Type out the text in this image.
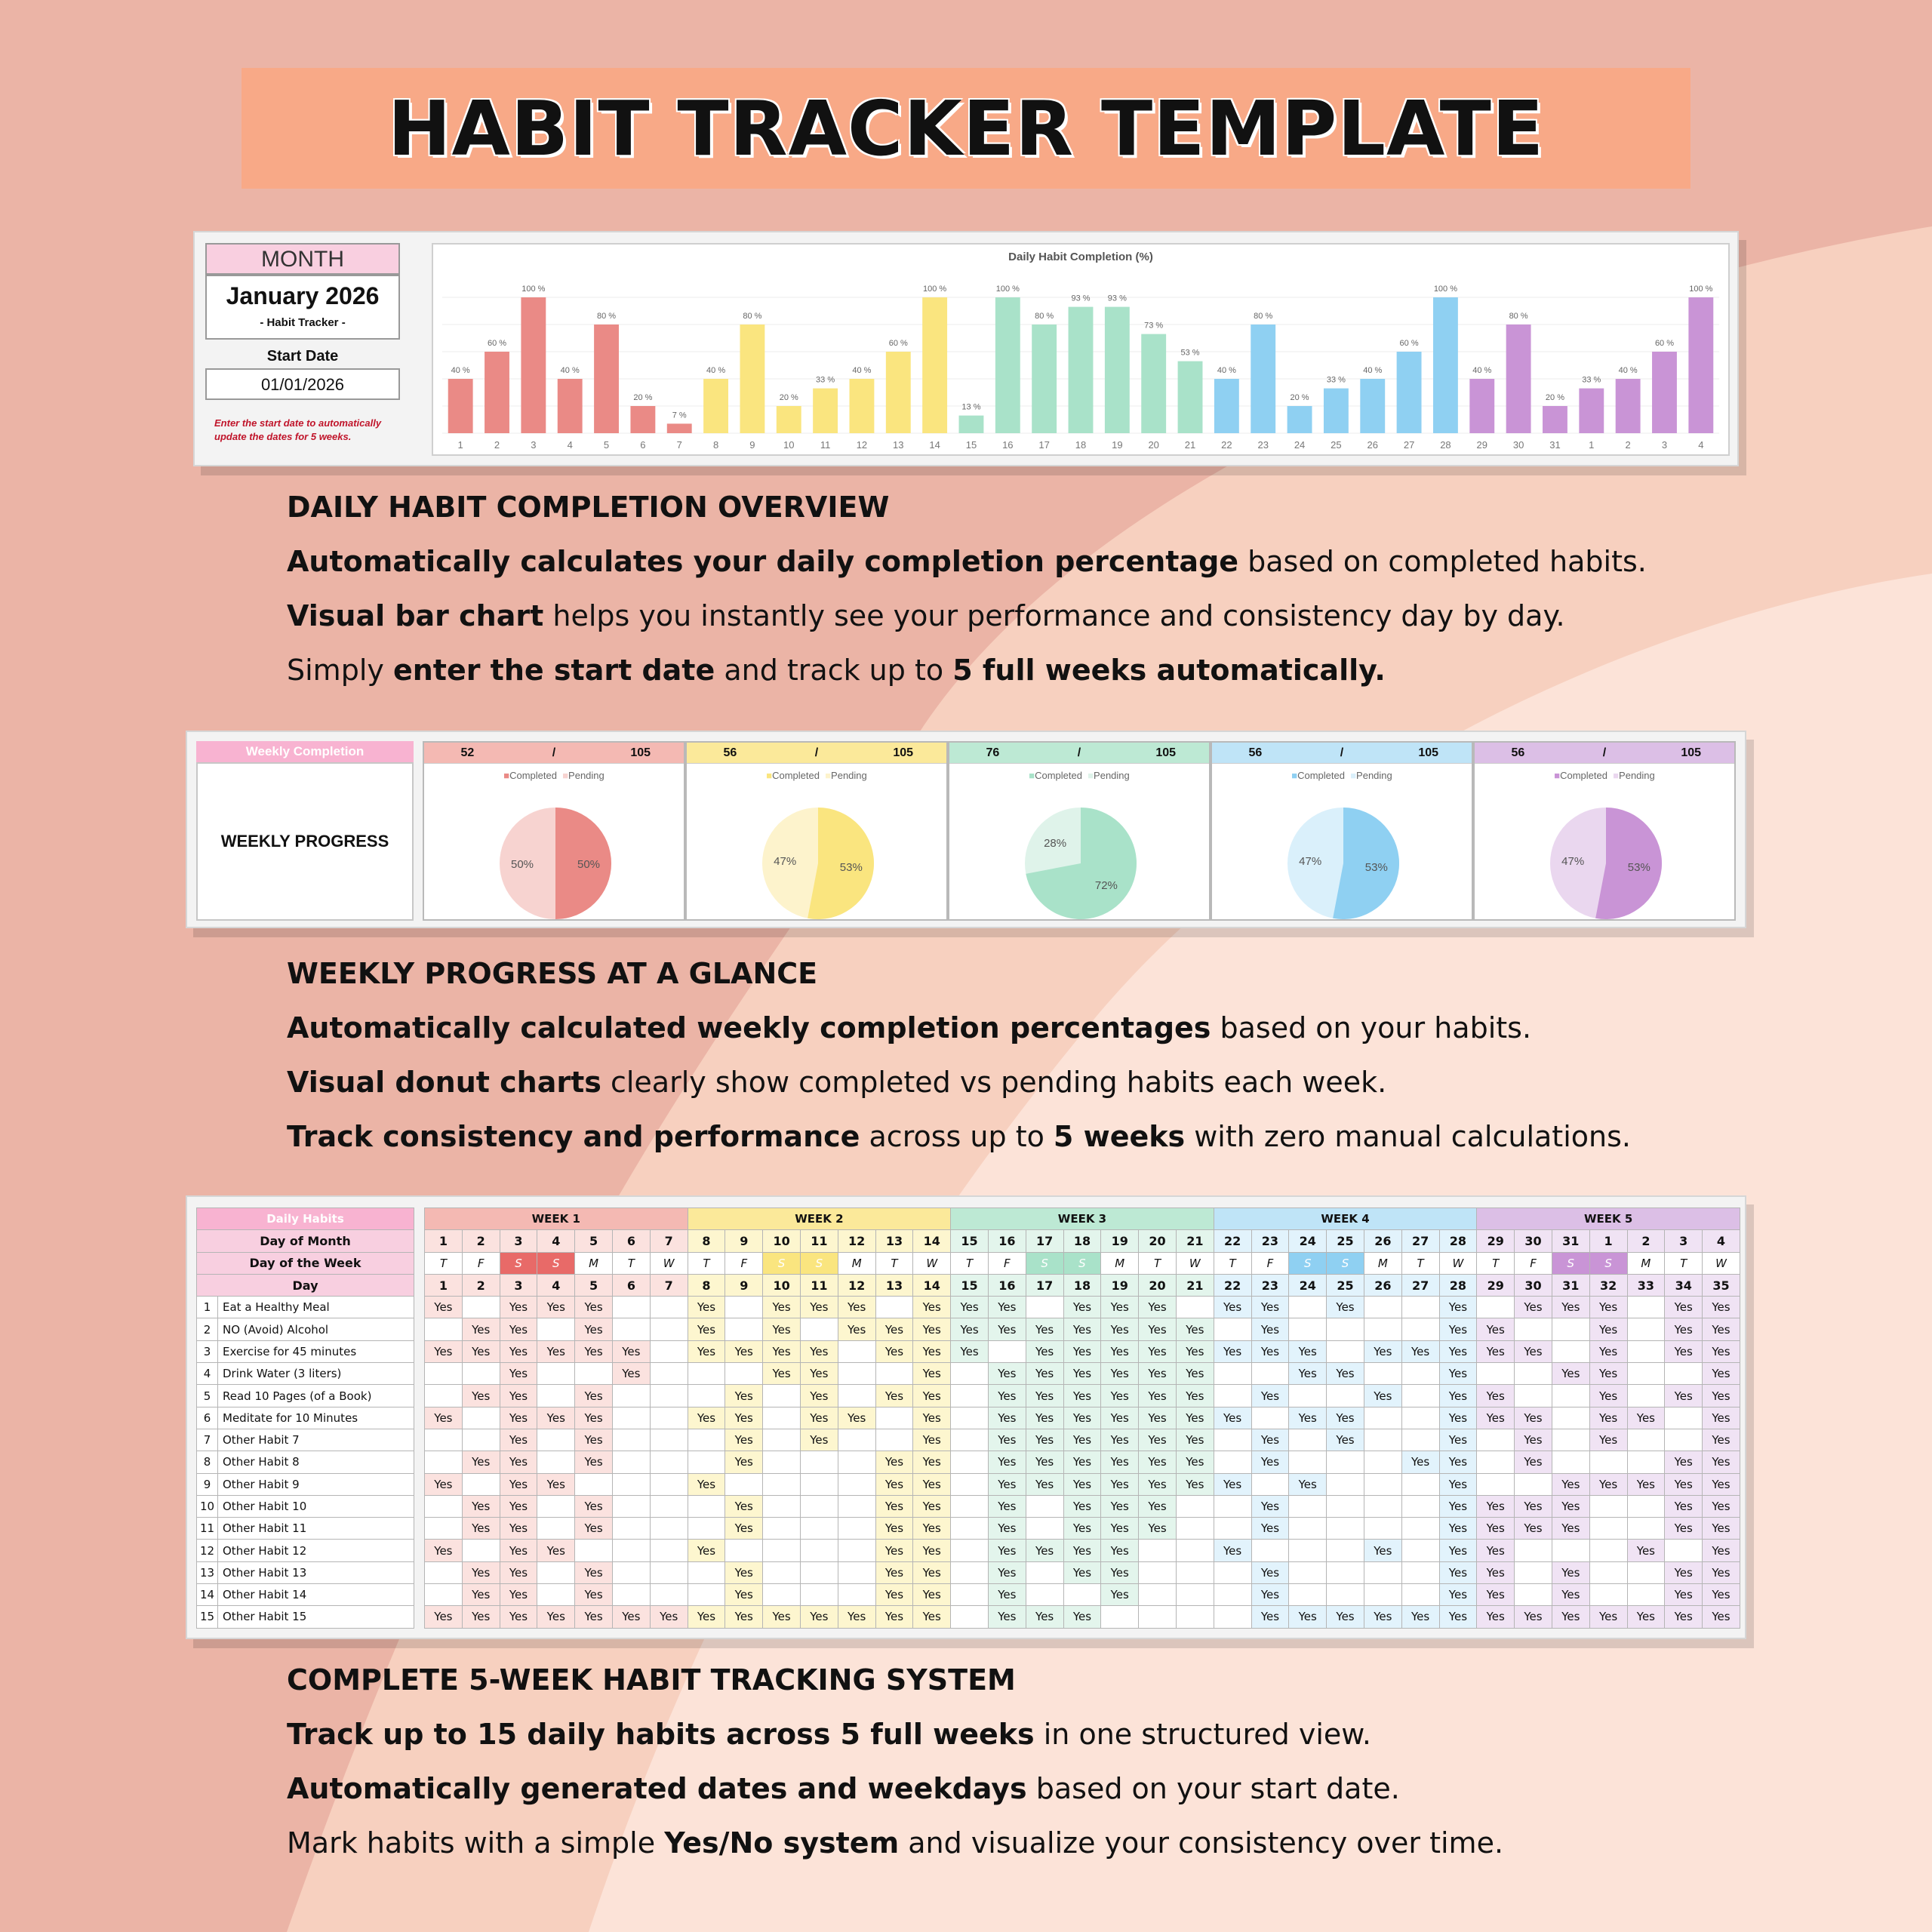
HABIT TRACKER TEMPLATE
MONTH
January 2026
- Habit Tracker -
Start Date
01/01/2026
Enter the start date to automatically update the dates for 5 weeks.
Daily Habit Completion (%)
40 %
1
60 %
2
100 %
3
40 %
4
80 %
5
20 %
6
7 %
7
40 %
8
80 %
9
20 %
10
33 %
11
40 %
12
60 %
13
100 %
14
13 %
15
100 %
16
80 %
17
93 %
18
93 %
19
73 %
20
53 %
21
40 %
22
80 %
23
20 %
24
33 %
25
40 %
26
60 %
27
100 %
28
40 %
29
80 %
30
20 %
31
33 %
1
40 %
2
60 %
3
100 %
4
DAILY HABIT COMPLETION OVERVIEW
Automatically calculates your daily completion percentage based on completed habits.
Visual bar chart helps you instantly see your performance and consistency day by day.
Simply enter the start date and track up to 5 full weeks automatically.
Weekly Completion
WEEKLY PROGRESS
52	/	105
■Completed ■Pending
50%
50%
56	/	105
■Completed ■Pending
53%
47%
76	/	105
■Completed ■Pending
72%
28%
56	/	105
■Completed ■Pending
53%
47%
56	/	105
■Completed ■Pending
53%
47%
WEEKLY PROGRESS AT A GLANCE
Automatically calculated weekly completion percentages based on your habits.
Visual donut charts clearly show completed vs pending habits each week.
Track consistency and performance across up to 5 weeks with zero manual calculations.
Daily Habits			WEEK 1							WEEK 2							WEEK 3							WEEK 4							WEEK 5						
Day of Month			1	2	3	4	5	6	7	8	9	10	11	12	13	14	15	16	17	18	19	20	21	22	23	24	25	26	27	28	29	30	31	1	2	3	4
Day of the Week			T	F	S	S	M	T	W	T	F	S	S	M	T	W	T	F	S	S	M	T	W	T	F	S	S	M	T	W	T	F	S	S	M	T	W
Day			1	2	3	4	5	6	7	8	9	10	11	12	13	14	15	16	17	18	19	20	21	22	23	24	25	26	27	28	29	30	31	32	33	34	35
1	Eat a Healthy Meal		Yes		Yes	Yes	Yes			Yes		Yes	Yes	Yes		Yes	Yes	Yes		Yes	Yes	Yes		Yes	Yes		Yes			Yes		Yes	Yes	Yes		Yes	Yes
2	NO (Avoid) Alcohol			Yes	Yes		Yes			Yes		Yes		Yes	Yes	Yes	Yes	Yes	Yes	Yes	Yes	Yes	Yes		Yes					Yes	Yes			Yes		Yes	Yes
3	Exercise for 45 minutes		Yes	Yes	Yes	Yes	Yes	Yes		Yes	Yes	Yes	Yes		Yes	Yes	Yes		Yes	Yes	Yes	Yes	Yes	Yes	Yes	Yes		Yes	Yes	Yes	Yes	Yes		Yes		Yes	Yes
4	Drink Water (3 liters)				Yes			Yes				Yes	Yes			Yes		Yes	Yes	Yes	Yes	Yes	Yes			Yes	Yes			Yes			Yes	Yes			Yes
5	Read 10 Pages (of a Book)			Yes	Yes		Yes				Yes		Yes		Yes	Yes		Yes	Yes	Yes	Yes	Yes	Yes		Yes			Yes		Yes	Yes			Yes		Yes	Yes
6	Meditate for 10 Minutes		Yes		Yes	Yes	Yes			Yes	Yes		Yes	Yes		Yes		Yes	Yes	Yes	Yes	Yes	Yes	Yes		Yes	Yes			Yes	Yes	Yes		Yes	Yes		Yes
7	Other Habit 7				Yes		Yes				Yes		Yes			Yes		Yes	Yes	Yes	Yes	Yes	Yes		Yes		Yes			Yes		Yes		Yes			Yes
8	Other Habit 8			Yes	Yes		Yes				Yes				Yes	Yes		Yes	Yes	Yes	Yes	Yes	Yes		Yes				Yes	Yes		Yes				Yes	Yes
9	Other Habit 9		Yes		Yes	Yes				Yes					Yes	Yes		Yes	Yes	Yes	Yes	Yes	Yes	Yes		Yes				Yes			Yes	Yes	Yes	Yes	Yes
10	Other Habit 10			Yes	Yes		Yes				Yes				Yes	Yes		Yes		Yes	Yes	Yes			Yes					Yes	Yes	Yes	Yes			Yes	Yes
11	Other Habit 11			Yes	Yes		Yes				Yes				Yes	Yes		Yes		Yes	Yes	Yes			Yes					Yes	Yes	Yes	Yes			Yes	Yes
12	Other Habit 12		Yes		Yes	Yes				Yes					Yes	Yes		Yes	Yes	Yes	Yes			Yes				Yes		Yes	Yes				Yes		Yes
13	Other Habit 13			Yes	Yes		Yes				Yes				Yes	Yes		Yes		Yes	Yes				Yes					Yes	Yes		Yes			Yes	Yes
14	Other Habit 14			Yes	Yes		Yes				Yes				Yes	Yes		Yes			Yes				Yes					Yes	Yes		Yes			Yes	Yes
15	Other Habit 15		Yes	Yes	Yes	Yes	Yes	Yes	Yes	Yes	Yes	Yes	Yes	Yes	Yes	Yes		Yes	Yes	Yes					Yes	Yes	Yes	Yes	Yes	Yes	Yes	Yes	Yes	Yes	Yes	Yes	Yes
COMPLETE 5-WEEK HABIT TRACKING SYSTEM
Track up to 15 daily habits across 5 full weeks in one structured view.
Automatically generated dates and weekdays based on your start date.
Mark habits with a simple Yes/No system and visualize your consistency over time.
